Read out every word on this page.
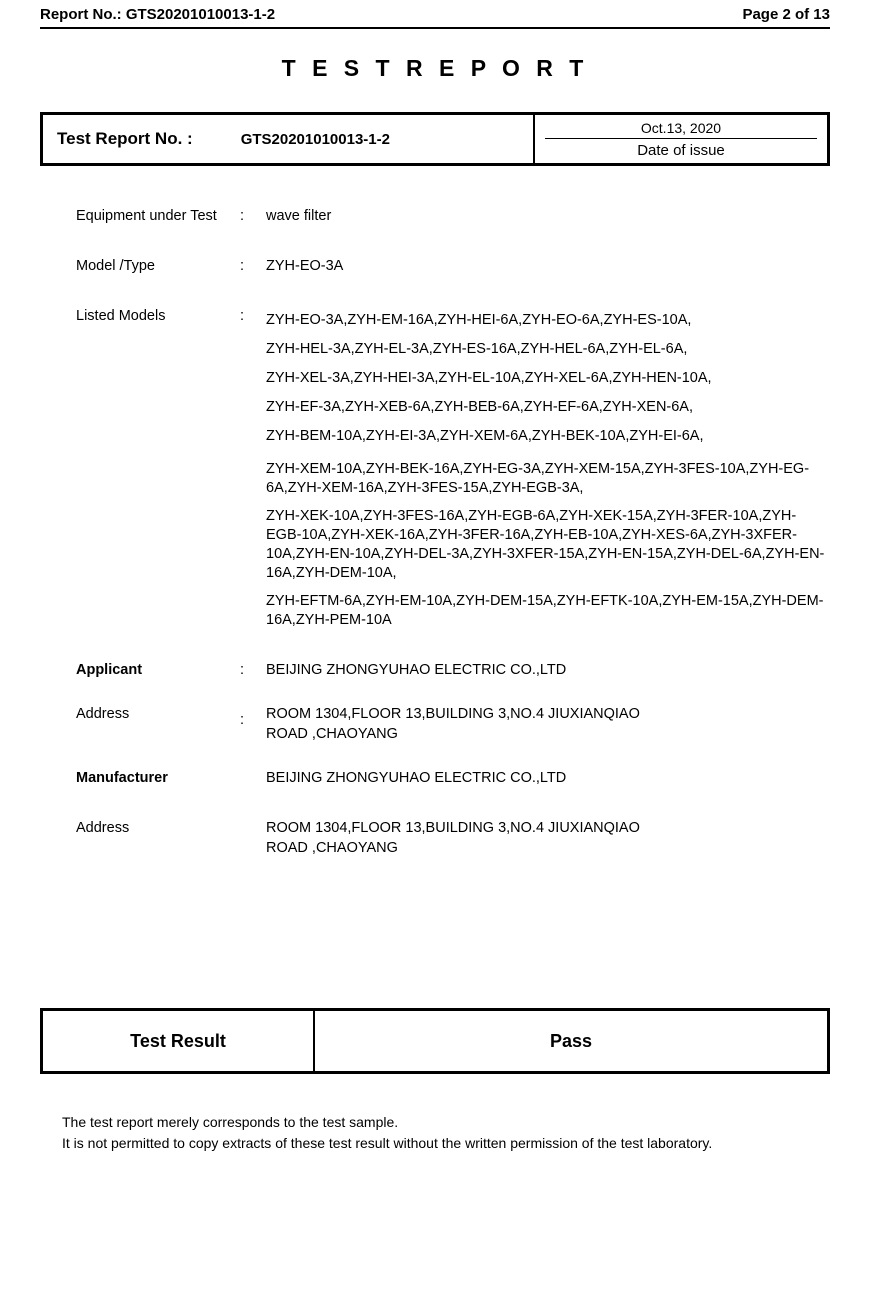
Report No.: GTS20201010013-1-2	Page 2 of 13
T E S T R E P O R T
Test Report No. :	GTS20201010013-1-2
Oct.13, 2020
Date of issue
Equipment under Test	:	wave filter
Model /Type	:	ZYH-EO-3A
Listed Models	:	ZYH-EO-3A,ZYH-EM-16A,ZYH-HEI-6A,ZYH-EO-6A,ZYH-ES-10A,
ZYH-HEL-3A,ZYH-EL-3A,ZYH-ES-16A,ZYH-HEL-6A,ZYH-EL-6A,
ZYH-XEL-3A,ZYH-HEI-3A,ZYH-EL-10A,ZYH-XEL-6A,ZYH-HEN-10A,
ZYH-EF-3A,ZYH-XEB-6A,ZYH-BEB-6A,ZYH-EF-6A,ZYH-XEN-6A,
ZYH-BEM-10A,ZYH-EI-3A,ZYH-XEM-6A,ZYH-BEK-10A,ZYH-EI-6A,
ZYH-XEM-10A,ZYH-BEK-16A,ZYH-EG-3A,ZYH-XEM-15A,ZYH-3FES-10A,ZYH-EG-6A,ZYH-XEM-16A,ZYH-3FES-15A,ZYH-EGB-3A,
ZYH-XEK-10A,ZYH-3FES-16A,ZYH-EGB-6A,ZYH-XEK-15A,ZYH-3FER-10A,ZYH-EGB-10A,ZYH-XEK-16A,ZYH-3FER-16A,ZYH-EB-10A,ZYH-XES-6A,ZYH-3XFER-10A,ZYH-EN-10A,ZYH-DEL-3A,ZYH-3XFER-15A,ZYH-EN-15A,ZYH-DEL-6A,ZYH-EN-16A,ZYH-DEM-10A,
ZYH-EFTM-6A,ZYH-EM-10A,ZYH-DEM-15A,ZYH-EFTK-10A,ZYH-EM-15A,ZYH-DEM-16A,ZYH-PEM-10A
Applicant	:	BEIJING ZHONGYUHAO ELECTRIC CO.,LTD
Address	:	ROOM 1304,FLOOR 13,BUILDING 3,NO.4 JIUXIANQIAO
ROAD ,CHAOYANG
Manufacturer	BEIJING ZHONGYUHAO ELECTRIC CO.,LTD
Address	ROOM 1304,FLOOR 13,BUILDING 3,NO.4 JIUXIANQIAO
ROAD ,CHAOYANG
Test Result	Pass
The test report merely corresponds to the test sample.
It is not permitted to copy extracts of these test result without the written permission of the test laboratory.
